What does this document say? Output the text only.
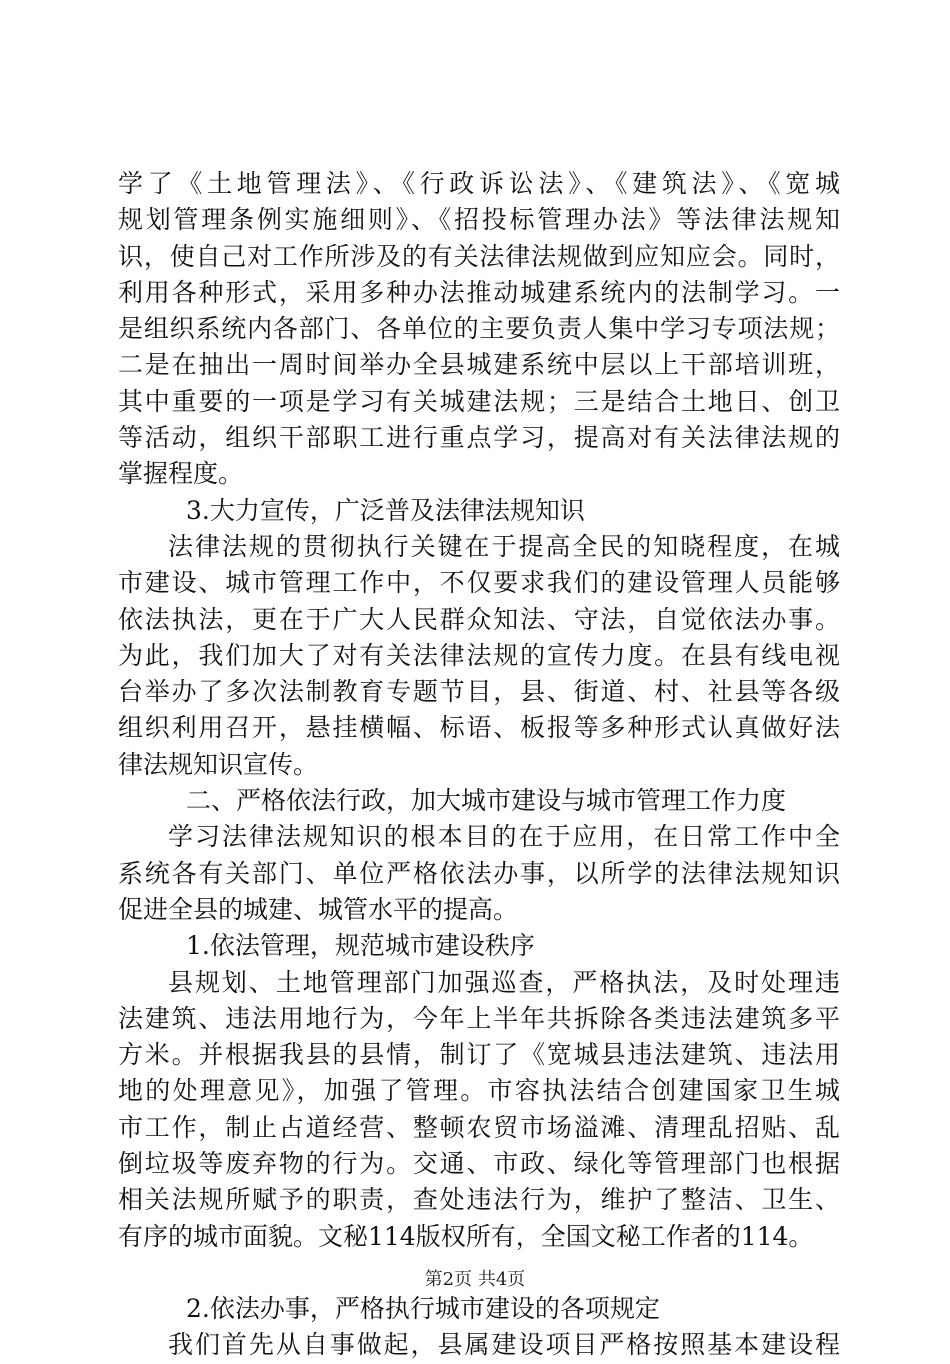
学了《土地管理法》、《行政诉讼法》、《建筑法》、《宽城
规划管理条例实施细则》、《招投标管理办法》等法律法规知
识，使自己对工作所涉及的有关法律法规做到应知应会。同时，
利用各种形式，采用多种办法推动城建系统内的法制学习。一
是组织系统内各部门、各单位的主要负责人集中学习专项法规；
二是在抽出一周时间举办全县城建系统中层以上干部培训班，
其中重要的一项是学习有关城建法规；三是结合土地日、创卫
等活动，组织干部职工进行重点学习，提高对有关法律法规的
掌握程度。
3.大力宣传，广泛普及法律法规知识
法律法规的贯彻执行关键在于提高全民的知晓程度，在城
市建设、城市管理工作中，不仅要求我们的建设管理人员能够
依法执法，更在于广大人民群众知法、守法，自觉依法办事。
为此，我们加大了对有关法律法规的宣传力度。在县有线电视
台举办了多次法制教育专题节目，县、街道、村、社县等各级
组织利用召开，悬挂横幅、标语、板报等多种形式认真做好法
律法规知识宣传。
二、严格依法行政，加大城市建设与城市管理工作力度
学习法律法规知识的根本目的在于应用，在日常工作中全
系统各有关部门、单位严格依法办事，以所学的法律法规知识
促进全县的城建、城管水平的提高。
1.依法管理，规范城市建设秩序
县规划、土地管理部门加强巡查，严格执法，及时处理违
法建筑、违法用地行为，今年上半年共拆除各类违法建筑多平
方米。并根据我县的县情，制订了《宽城县违法建筑、违法用
地的处理意见》，加强了管理。市容执法结合创建国家卫生城
市工作，制止占道经营、整顿农贸市场溢滩、清理乱招贴、乱
倒垃圾等废弃物的行为。交通、市政、绿化等管理部门也根据
相关法规所赋予的职责，查处违法行为，维护了整洁、卫生、
有序的城市面貌。文秘114版权所有，全国文秘工作者的114。
2.依法办事，严格执行城市建设的各项规定
我们首先从自事做起，县属建设项目严格按照基本建设程
第2页 共4页
